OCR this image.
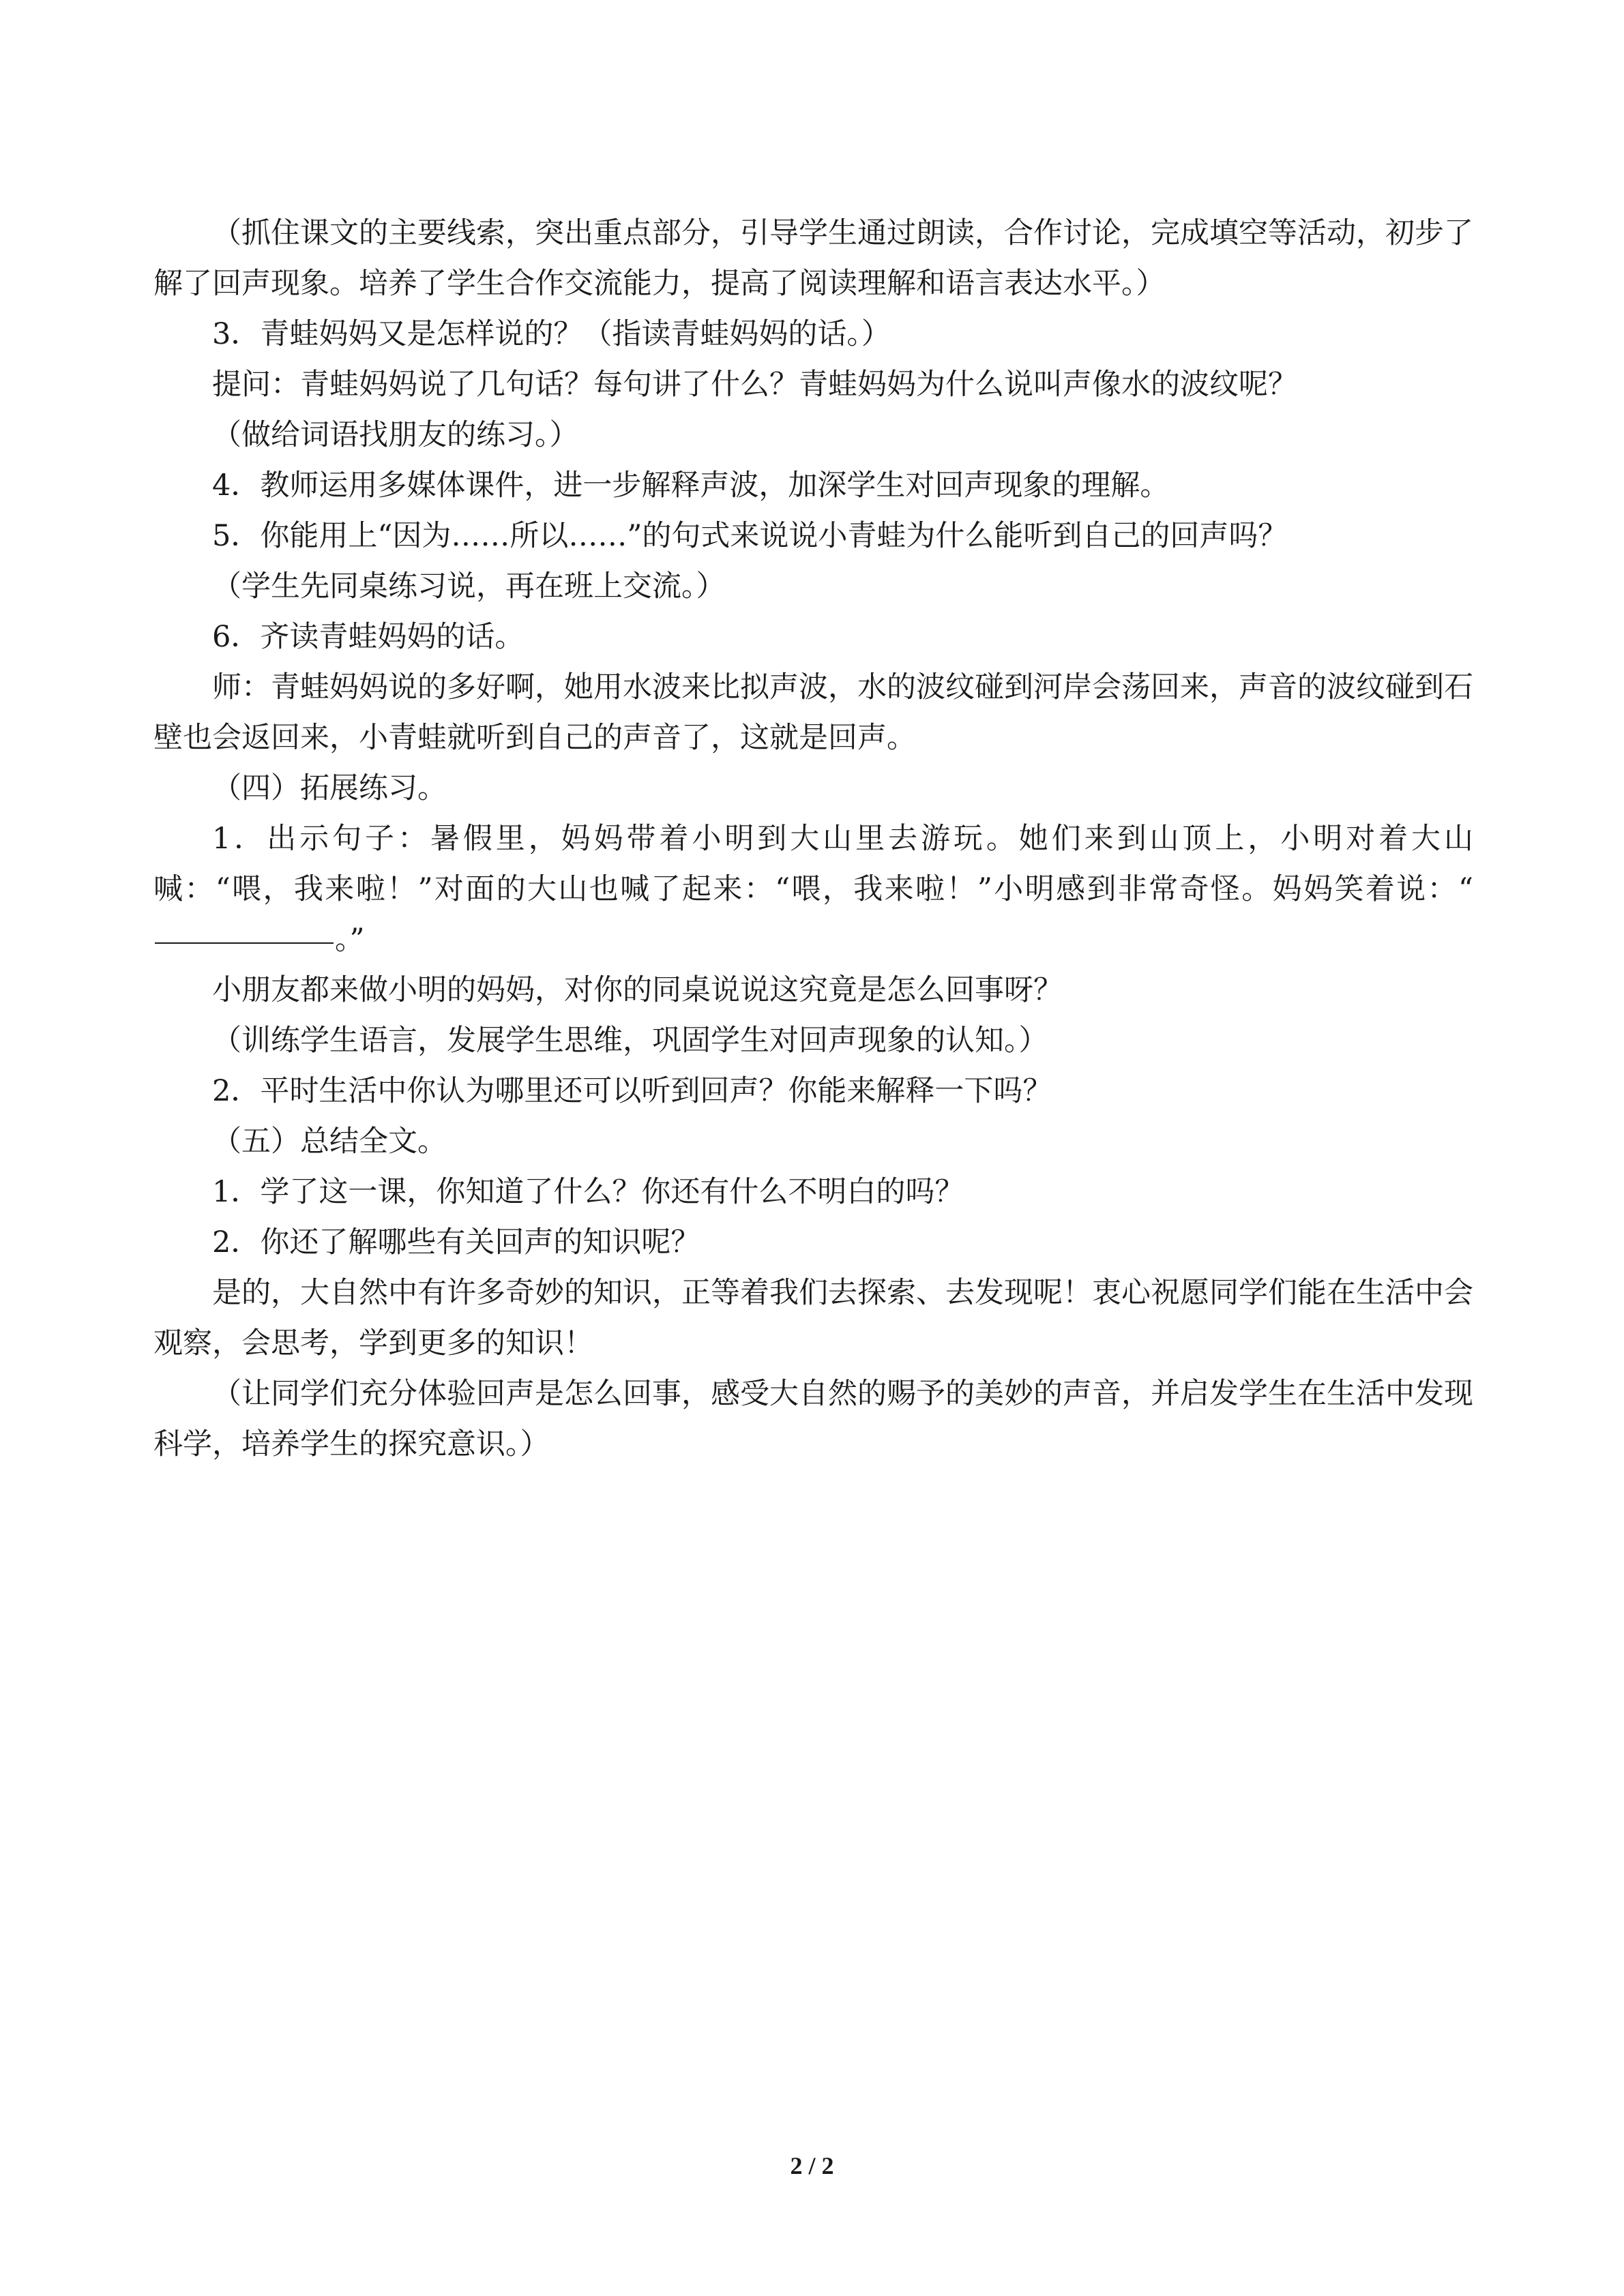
（抓住课文的主要线索，突出重点部分，引导学生通过朗读，合作讨论，完成填空等活动，初步了解了回声现象。培养了学生合作交流能力，提高了阅读理解和语言表达水平。）

3．青蛙妈妈又是怎样说的？（指读青蛙妈妈的话。）

提问：青蛙妈妈说了几句话？每句讲了什么？青蛙妈妈为什么说叫声像水的波纹呢？

（做给词语找朋友的练习。）

4．教师运用多媒体课件，进一步解释声波，加深学生对回声现象的理解。

5．你能用上“因为……所以……”的句式来说说小青蛙为什么能听到自己的回声吗？

（学生先同桌练习说，再在班上交流。）

6．齐读青蛙妈妈的话。

师：青蛙妈妈说的多好啊，她用水波来比拟声波，水的波纹碰到河岸会荡回来，声音的波纹碰到石壁也会返回来，小青蛙就听到自己的声音了，这就是回声。

（四）拓展练习。

1．出示句子：暑假里，妈妈带着小明到大山里去游玩。她们来到山顶上，小明对着大山喊：“喂，我来啦！”对面的大山也喊了起来：“喂，我来啦！”小明感到非常奇怪。妈妈笑着说：“。”

小朋友都来做小明的妈妈，对你的同桌说说这究竟是怎么回事呀？

（训练学生语言，发展学生思维，巩固学生对回声现象的认知。）

2．平时生活中你认为哪里还可以听到回声？你能来解释一下吗？

（五）总结全文。

1．学了这一课，你知道了什么？你还有什么不明白的吗？

2．你还了解哪些有关回声的知识呢？

是的，大自然中有许多奇妙的知识，正等着我们去探索、去发现呢！衷心祝愿同学们能在生活中会观察，会思考，学到更多的知识！

（让同学们充分体验回声是怎么回事，感受大自然的赐予的美妙的声音，并启发学生在生活中发现科学，培养学生的探究意识。）

2 / 2
